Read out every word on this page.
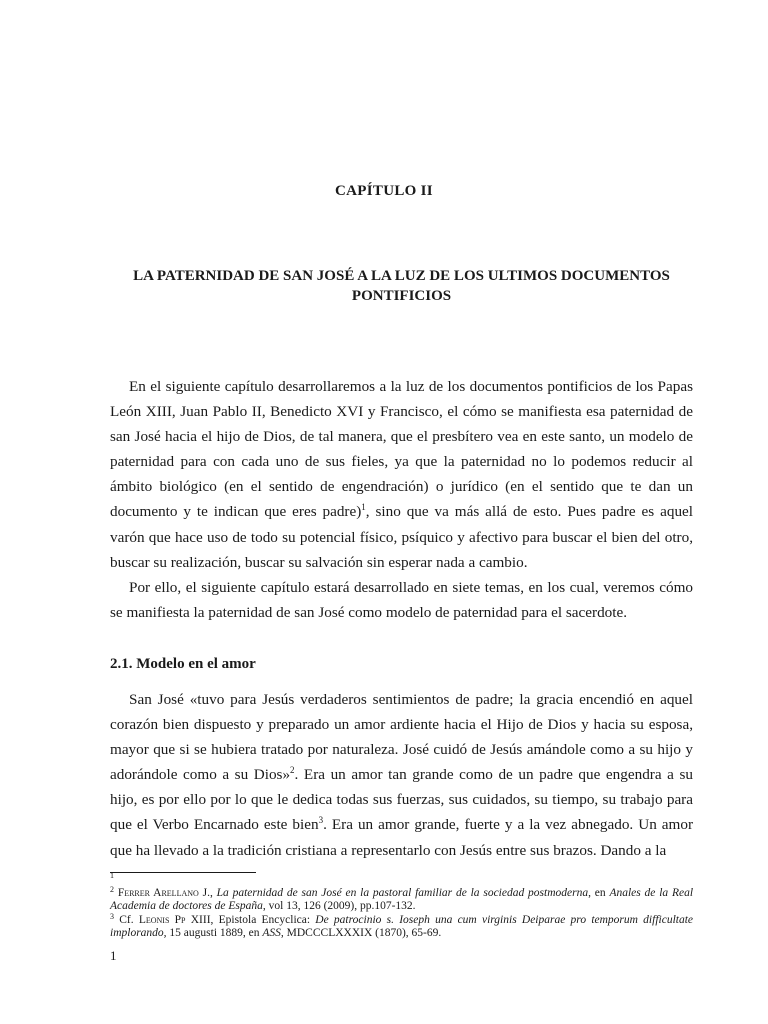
CAPÍTULO II
LA PATERNIDAD DE SAN JOSÉ A LA LUZ DE LOS ULTIMOS DOCUMENTOS PONTIFICIOS

En el siguiente capítulo desarrollaremos a la luz de los documentos pontificios de los Papas León XIII, Juan Pablo II, Benedicto XVI y Francisco, el cómo se manifiesta esa paternidad de san José hacia el hijo de Dios, de tal manera, que el presbítero vea en este santo, un modelo de paternidad para con cada uno de sus fieles, ya que la paternidad no lo podemos reducir al ámbito biológico (en el sentido de engendración) o jurídico (en el sentido que te dan un documento y te indican que eres padre)$^1$, sino que va más allá de esto. Pues padre es aquel varón que hace uso de todo su potencial físico, psíquico y afectivo para buscar el bien del otro, buscar su realización, buscar su salvación sin esperar nada a cambio.

Por ello, el siguiente capítulo estará desarrollado en siete temas, en los cual, veremos cómo se manifiesta la paternidad de san José como modelo de paternidad para el sacerdote.

2.1. Modelo en el amor

San José «tuvo para Jesús verdaderos sentimientos de padre; la gracia encendió en aquel corazón bien dispuesto y preparado un amor ardiente hacia el Hijo de Dios y hacia su esposa, mayor que si se hubiera tratado por naturaleza. José cuidó de Jesús amándole como a su hijo y adorándole como a su Dios»$^2$. Era un amor tan grande como de un padre que engendra a su hijo, es por ello por lo que le dedica todas sus fuerzas, sus cuidados, su tiempo, su trabajo para que el Verbo Encarnado este bien$^3$. Era un amor grande, fuerte y a la vez abnegado. Un amor que ha llevado a la tradición cristiana a representarlo con Jesús entre sus brazos. Dando a la

$^1$

$^2$ Ferrer Arellano J., La paternidad de san José en la pastoral familiar de la sociedad postmoderna, en Anales de la Real Academia de doctores de España, vol 13, 126 (2009), pp.107-132.

$^3$ Cf. Leonis Pp XIII, Epistola Encyclica: De patrocinio s. Ioseph una cum virginis Deiparae pro temporum difficultate implorando, 15 augusti 1889, en ASS, MDCCCLXXXIX (1870), 65-69.

1
